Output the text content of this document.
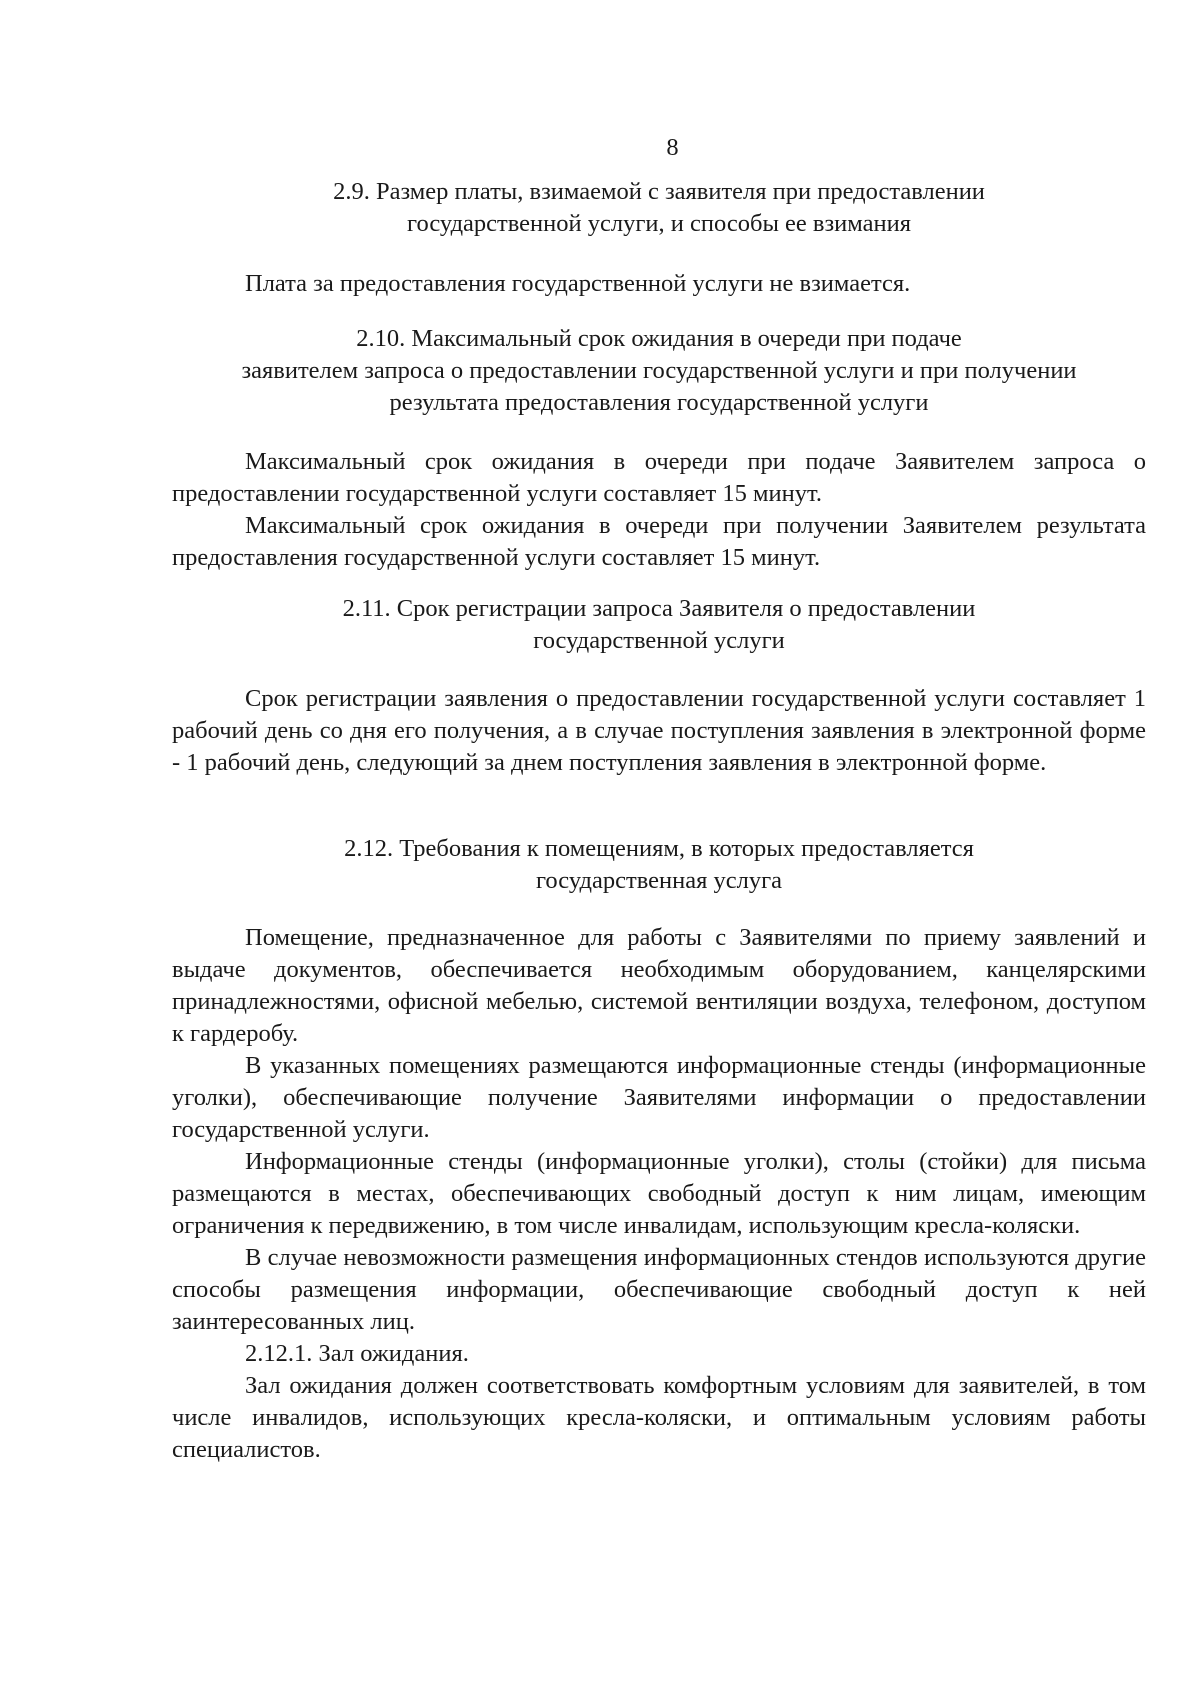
8

2.9. Размер платы, взимаемой с заявителя при предоставлении
государственной услуги, и способы ее взимания

Плата за предоставления государственной услуги не взимается.

2.10. Максимальный срок ожидания в очереди при подаче
заявителем запроса о предоставлении государственной услуги и при получении
результата предоставления государственной услуги

Максимальный срок ожидания в очереди при подаче Заявителем запроса о предоставлении государственной услуги составляет 15 минут.

Максимальный срок ожидания в очереди при получении Заявителем результата предоставления государственной услуги составляет 15 минут.

2.11. Срок регистрации запроса Заявителя о предоставлении
государственной услуги

Срок регистрации заявления о предоставлении государственной услуги составляет 1 рабочий день со дня его получения, а в случае поступления заявления в электронной форме - 1 рабочий день, следующий за днем поступления заявления в электронной форме.

2.12. Требования к помещениям, в которых предоставляется
государственная услуга

Помещение, предназначенное для работы с Заявителями по приему заявлений и выдаче документов, обеспечивается необходимым оборудованием, канцелярскими принадлежностями, офисной мебелью, системой вентиляции воздуха, телефоном, доступом к гардеробу.

В указанных помещениях размещаются информационные стенды (информационные уголки), обеспечивающие получение Заявителями информации о предоставлении государственной услуги.

Информационные стенды (информационные уголки), столы (стойки) для письма размещаются в местах, обеспечивающих свободный доступ к ним лицам, имеющим ограничения к передвижению, в том числе инвалидам, использующим кресла-коляски.

В случае невозможности размещения информационных стендов используются другие способы размещения информации, обеспечивающие свободный доступ к ней заинтересованных лиц.

2.12.1. Зал ожидания.

Зал ожидания должен соответствовать комфортным условиям для заявителей, в том числе инвалидов, использующих кресла-коляски, и оптимальным условиям работы специалистов.
